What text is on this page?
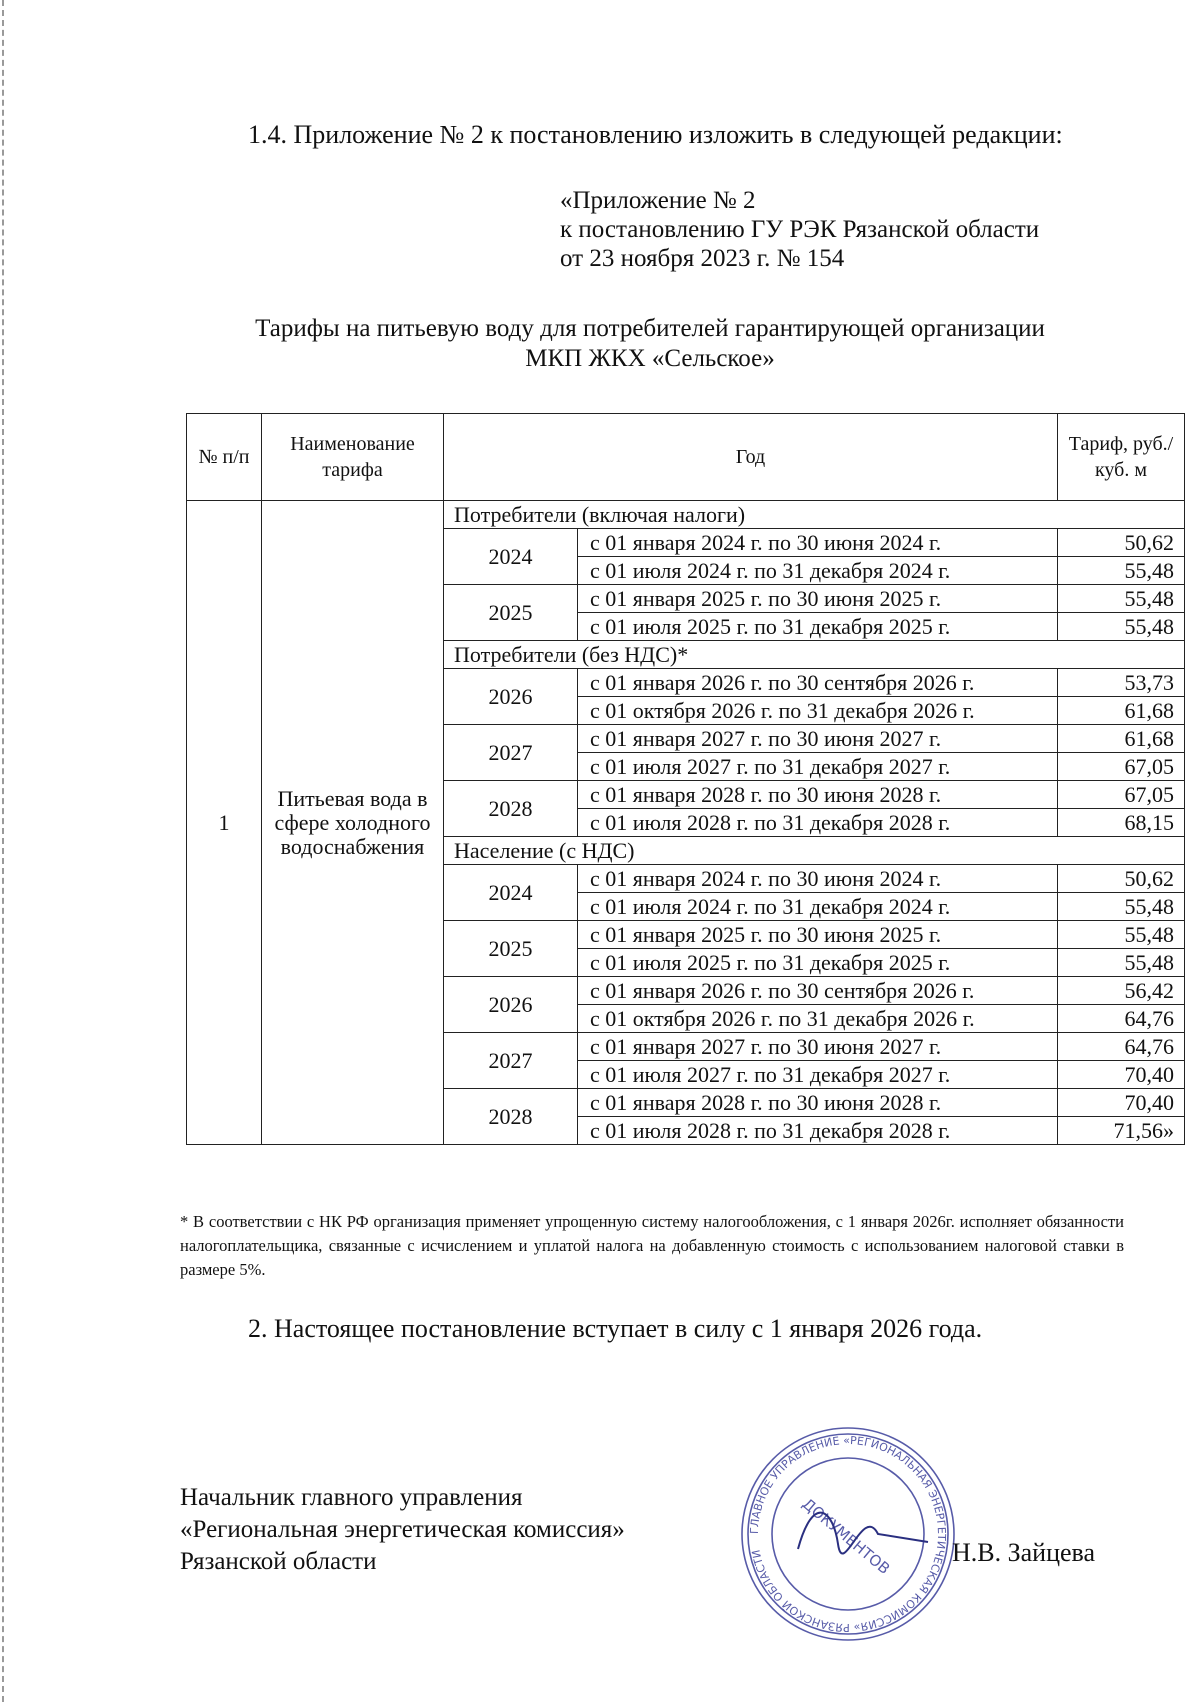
1.4. Приложение № 2 к постановлению изложить в следующей редакции:
«Приложение № 2
к постановлению ГУ РЭК Рязанской области
от 23 ноября 2023 г. № 154
Тарифы на питьевую воду для потребителей гарантирующей организации
МКП ЖКХ «Сельское»
№ п/п	Наименование тарифа	Год		Тариф, руб./куб. м
1	Питьевая вода в сфере холодного водоснабжения	Потребители (включая налоги)		
		2024	с 01 января 2024 г. по 30 июня 2024 г.	50,62
			с 01 июля 2024 г. по 31 декабря 2024 г.	55,48
		2025	с 01 января 2025 г. по 30 июня 2025 г.	55,48
			с 01 июля 2025 г. по 31 декабря 2025 г.	55,48
		Потребители (без НДС)*		
		2026	с 01 января 2026 г. по 30 сентября 2026 г.	53,73
			с 01 октября 2026 г. по 31 декабря 2026 г.	61,68
		2027	с 01 января 2027 г. по 30 июня 2027 г.	61,68
			с 01 июля 2027 г. по 31 декабря 2027 г.	67,05
		2028	с 01 января 2028 г. по 30 июня 2028 г.	67,05
			с 01 июля 2028 г. по 31 декабря 2028 г.	68,15
		Население (с НДС)		
		2024	с 01 января 2024 г. по 30 июня 2024 г.	50,62
			с 01 июля 2024 г. по 31 декабря 2024 г.	55,48
		2025	с 01 января 2025 г. по 30 июня 2025 г.	55,48
			с 01 июля 2025 г. по 31 декабря 2025 г.	55,48
		2026	с 01 января 2026 г. по 30 сентября 2026 г.	56,42
			с 01 октября 2026 г. по 31 декабря 2026 г.	64,76
		2027	с 01 января 2027 г. по 30 июня 2027 г.	64,76
			с 01 июля 2027 г. по 31 декабря 2027 г.	70,40
		2028	с 01 января 2028 г. по 30 июня 2028 г.	70,40
			с 01 июля 2028 г. по 31 декабря 2028 г.	71,56»
* В соответствии с НК РФ организация применяет упрощенную систему налогообложения, с 1 января 2026г. исполняет обязанности налогоплательщика, связанные с исчислением и уплатой налога на добавленную стоимость с использованием налоговой ставки в размере 5%.
2. Настоящее постановление вступает в силу с 1 января 2026 года.
Начальник главного управления
«Региональная энергетическая комиссия»
Рязанской области
ГЛАВНОЕ УПРАВЛЕНИЕ «РЕГИОНАЛЬНАЯ ЭНЕРГЕТИЧЕСКАЯ КОМИССИЯ» РЯЗАНСКОЙ ОБЛАСТИ	ДОКУМЕНТОВ Н.В. Зайцева
